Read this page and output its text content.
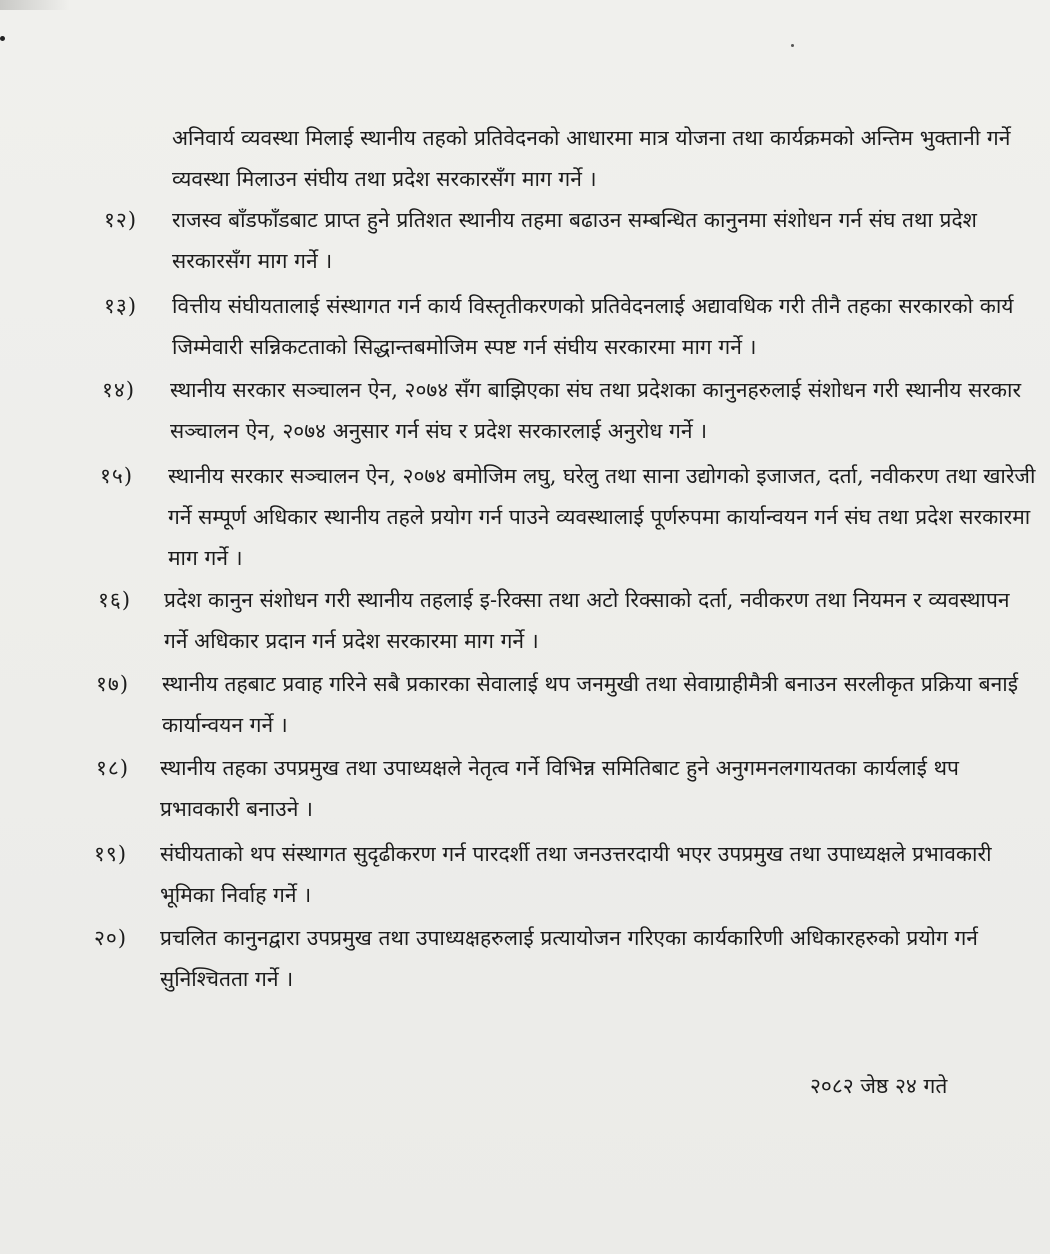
अनिवार्य व्यवस्था मिलाई स्थानीय तहको प्रतिवेदनको आधारमा मात्र योजना तथा कार्यक्रमको अन्तिम भुक्तानी गर्ने व्यवस्था मिलाउन संघीय तथा प्रदेश सरकारसँग माग गर्ने ।
१२) राजस्व बाँडफाँडबाट प्राप्त हुने प्रतिशत स्थानीय तहमा बढाउन सम्बन्धित कानुनमा संशोधन गर्न संघ तथा प्रदेश सरकारसँग माग गर्ने ।
१३) वित्तीय संघीयतालाई संस्थागत गर्न कार्य विस्तृतीकरणको प्रतिवेदनलाई अद्यावधिक गरी तीनै तहका सरकारको कार्य जिम्मेवारी सन्निकटताको सिद्धान्तबमोजिम स्पष्ट गर्न संघीय सरकारमा माग गर्ने ।
१४) स्थानीय सरकार सञ्चालन ऐन, २०७४ सँग बाझिएका संघ तथा प्रदेशका कानुनहरुलाई संशोधन गरी स्थानीय सरकार सञ्चालन ऐन, २०७४ अनुसार गर्न संघ र प्रदेश सरकारलाई अनुरोध गर्ने ।
१५) स्थानीय सरकार सञ्चालन ऐन, २०७४ बमोजिम लघु, घरेलु तथा साना उद्योगको इजाजत, दर्ता, नवीकरण तथा खारेजी गर्ने सम्पूर्ण अधिकार स्थानीय तहले प्रयोग गर्न पाउने व्यवस्थालाई पूर्णरुपमा कार्यान्वयन गर्न संघ तथा प्रदेश सरकारमा माग गर्ने ।
१६) प्रदेश कानुन संशोधन गरी स्थानीय तहलाई इ-रिक्सा तथा अटो रिक्साको दर्ता, नवीकरण तथा नियमन र व्यवस्थापन गर्ने अधिकार प्रदान गर्न प्रदेश सरकारमा माग गर्ने ।
१७) स्थानीय तहबाट प्रवाह गरिने सबै प्रकारका सेवालाई थप जनमुखी तथा सेवाग्राहीमैत्री बनाउन सरलीकृत प्रक्रिया बनाई कार्यान्वयन गर्ने ।
१८) स्थानीय तहका उपप्रमुख तथा उपाध्यक्षले नेतृत्व गर्ने विभिन्न समितिबाट हुने अनुगमनलगायतका कार्यलाई थप प्रभावकारी बनाउने ।
१९) संघीयताको थप संस्थागत सुदृढीकरण गर्न पारदर्शी तथा जनउत्तरदायी भएर उपप्रमुख तथा उपाध्यक्षले प्रभावकारी भूमिका निर्वाह गर्ने ।
२०) प्रचलित कानुनद्वारा उपप्रमुख तथा उपाध्यक्षहरुलाई प्रत्यायोजन गरिएका कार्यकारिणी अधिकारहरुको प्रयोग गर्न सुनिश्चितता गर्ने ।
२०८२ जेष्ठ २४ गते
